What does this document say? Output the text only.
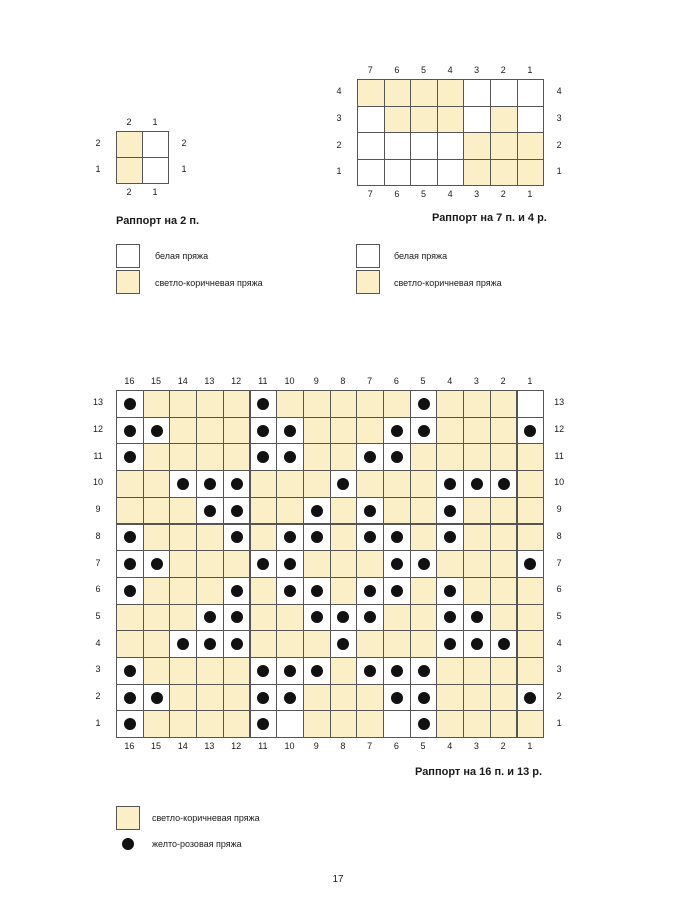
2
2
1
1
2	2
1	1
Раппорт на 2 п.
7
7
6
6
5
5
4
4
3
3
2
2
1
1
4	4
3	3
2	2
1	1
Раппорт на 7 п. и 4 р.
белая пряжа
светло-коричневая пряжа
белая пряжа
светло-коричневая пряжа
16
16
15
15
14
14
13
13
12
12
11
11
10
10
9
9
8
8
7
7
6
6
5
5
4
4
3
3
2
2
1
1
13	13
12	12
11	11
10	10
9	9
8	8
7	7
6	6
5	5
4	4
3	3
2	2
1	1
Раппорт на 16 п. и 13 р.
светло-коричневая пряжа
желто-розовая пряжа
17
